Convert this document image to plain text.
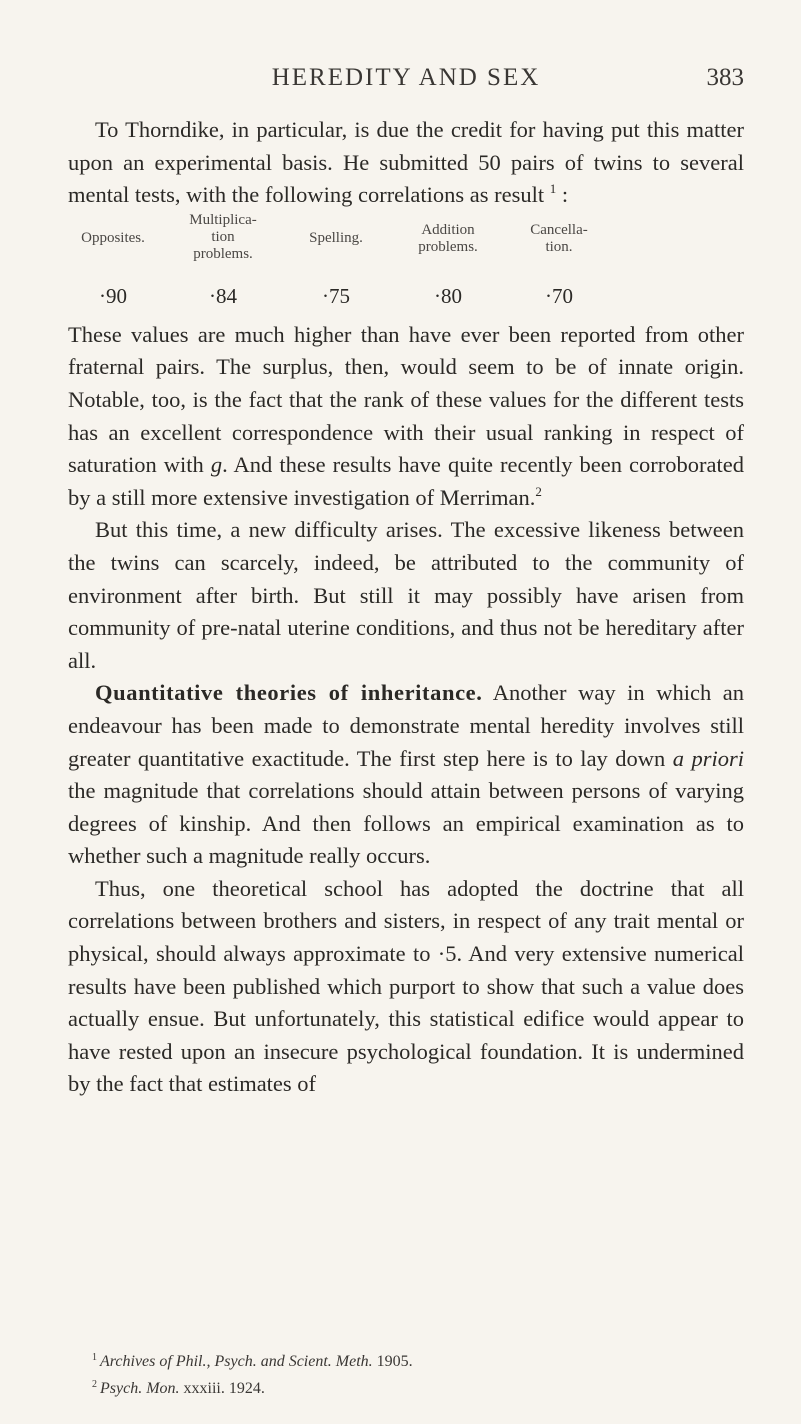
HEREDITY AND SEX	383

To Thorndike, in particular, is due the credit for having put this matter upon an experimental basis. He submitted 50 pairs of twins to several mental tests, with the following correlations as result $^1$ :

Opposites.
·90
Multiplica-
tion
problems.
·84
Spelling.
·75
Addition
problems.
·80
Cancella-
tion.
·70

These values are much higher than have ever been reported from other fraternal pairs. The surplus, then, would seem to be of innate origin. Notable, too, is the fact that the rank of these values for the different tests has an excellent correspondence with their usual ranking in respect of saturation with g. And these results have quite recently been corroborated by a still more extensive investigation of Merriman.$^2$

But this time, a new difficulty arises. The excessive likeness between the twins can scarcely, indeed, be attributed to the community of environment after birth. But still it may possibly have arisen from community of pre-natal uterine conditions, and thus not be hereditary after all.

Quantitative theories of inheritance. Another way in which an endeavour has been made to demonstrate mental heredity involves still greater quantitative exactitude. The first step here is to lay down a priori the magnitude that correlations should attain between persons of varying degrees of kinship. And then follows an empirical examination as to whether such a magnitude really occurs.

Thus, one theoretical school has adopted the doctrine that all correlations between brothers and sisters, in respect of any trait mental or physical, should always approximate to ·5. And very extensive numerical results have been published which purport to show that such a value does actually ensue. But unfortunately, this statistical edifice would appear to have rested upon an insecure psychological foundation. It is undermined by the fact that estimates of

$^1$ Archives of Phil., Psych. and Scient. Meth. 1905.

$^2$ Psych. Mon. xxxiii. 1924.
